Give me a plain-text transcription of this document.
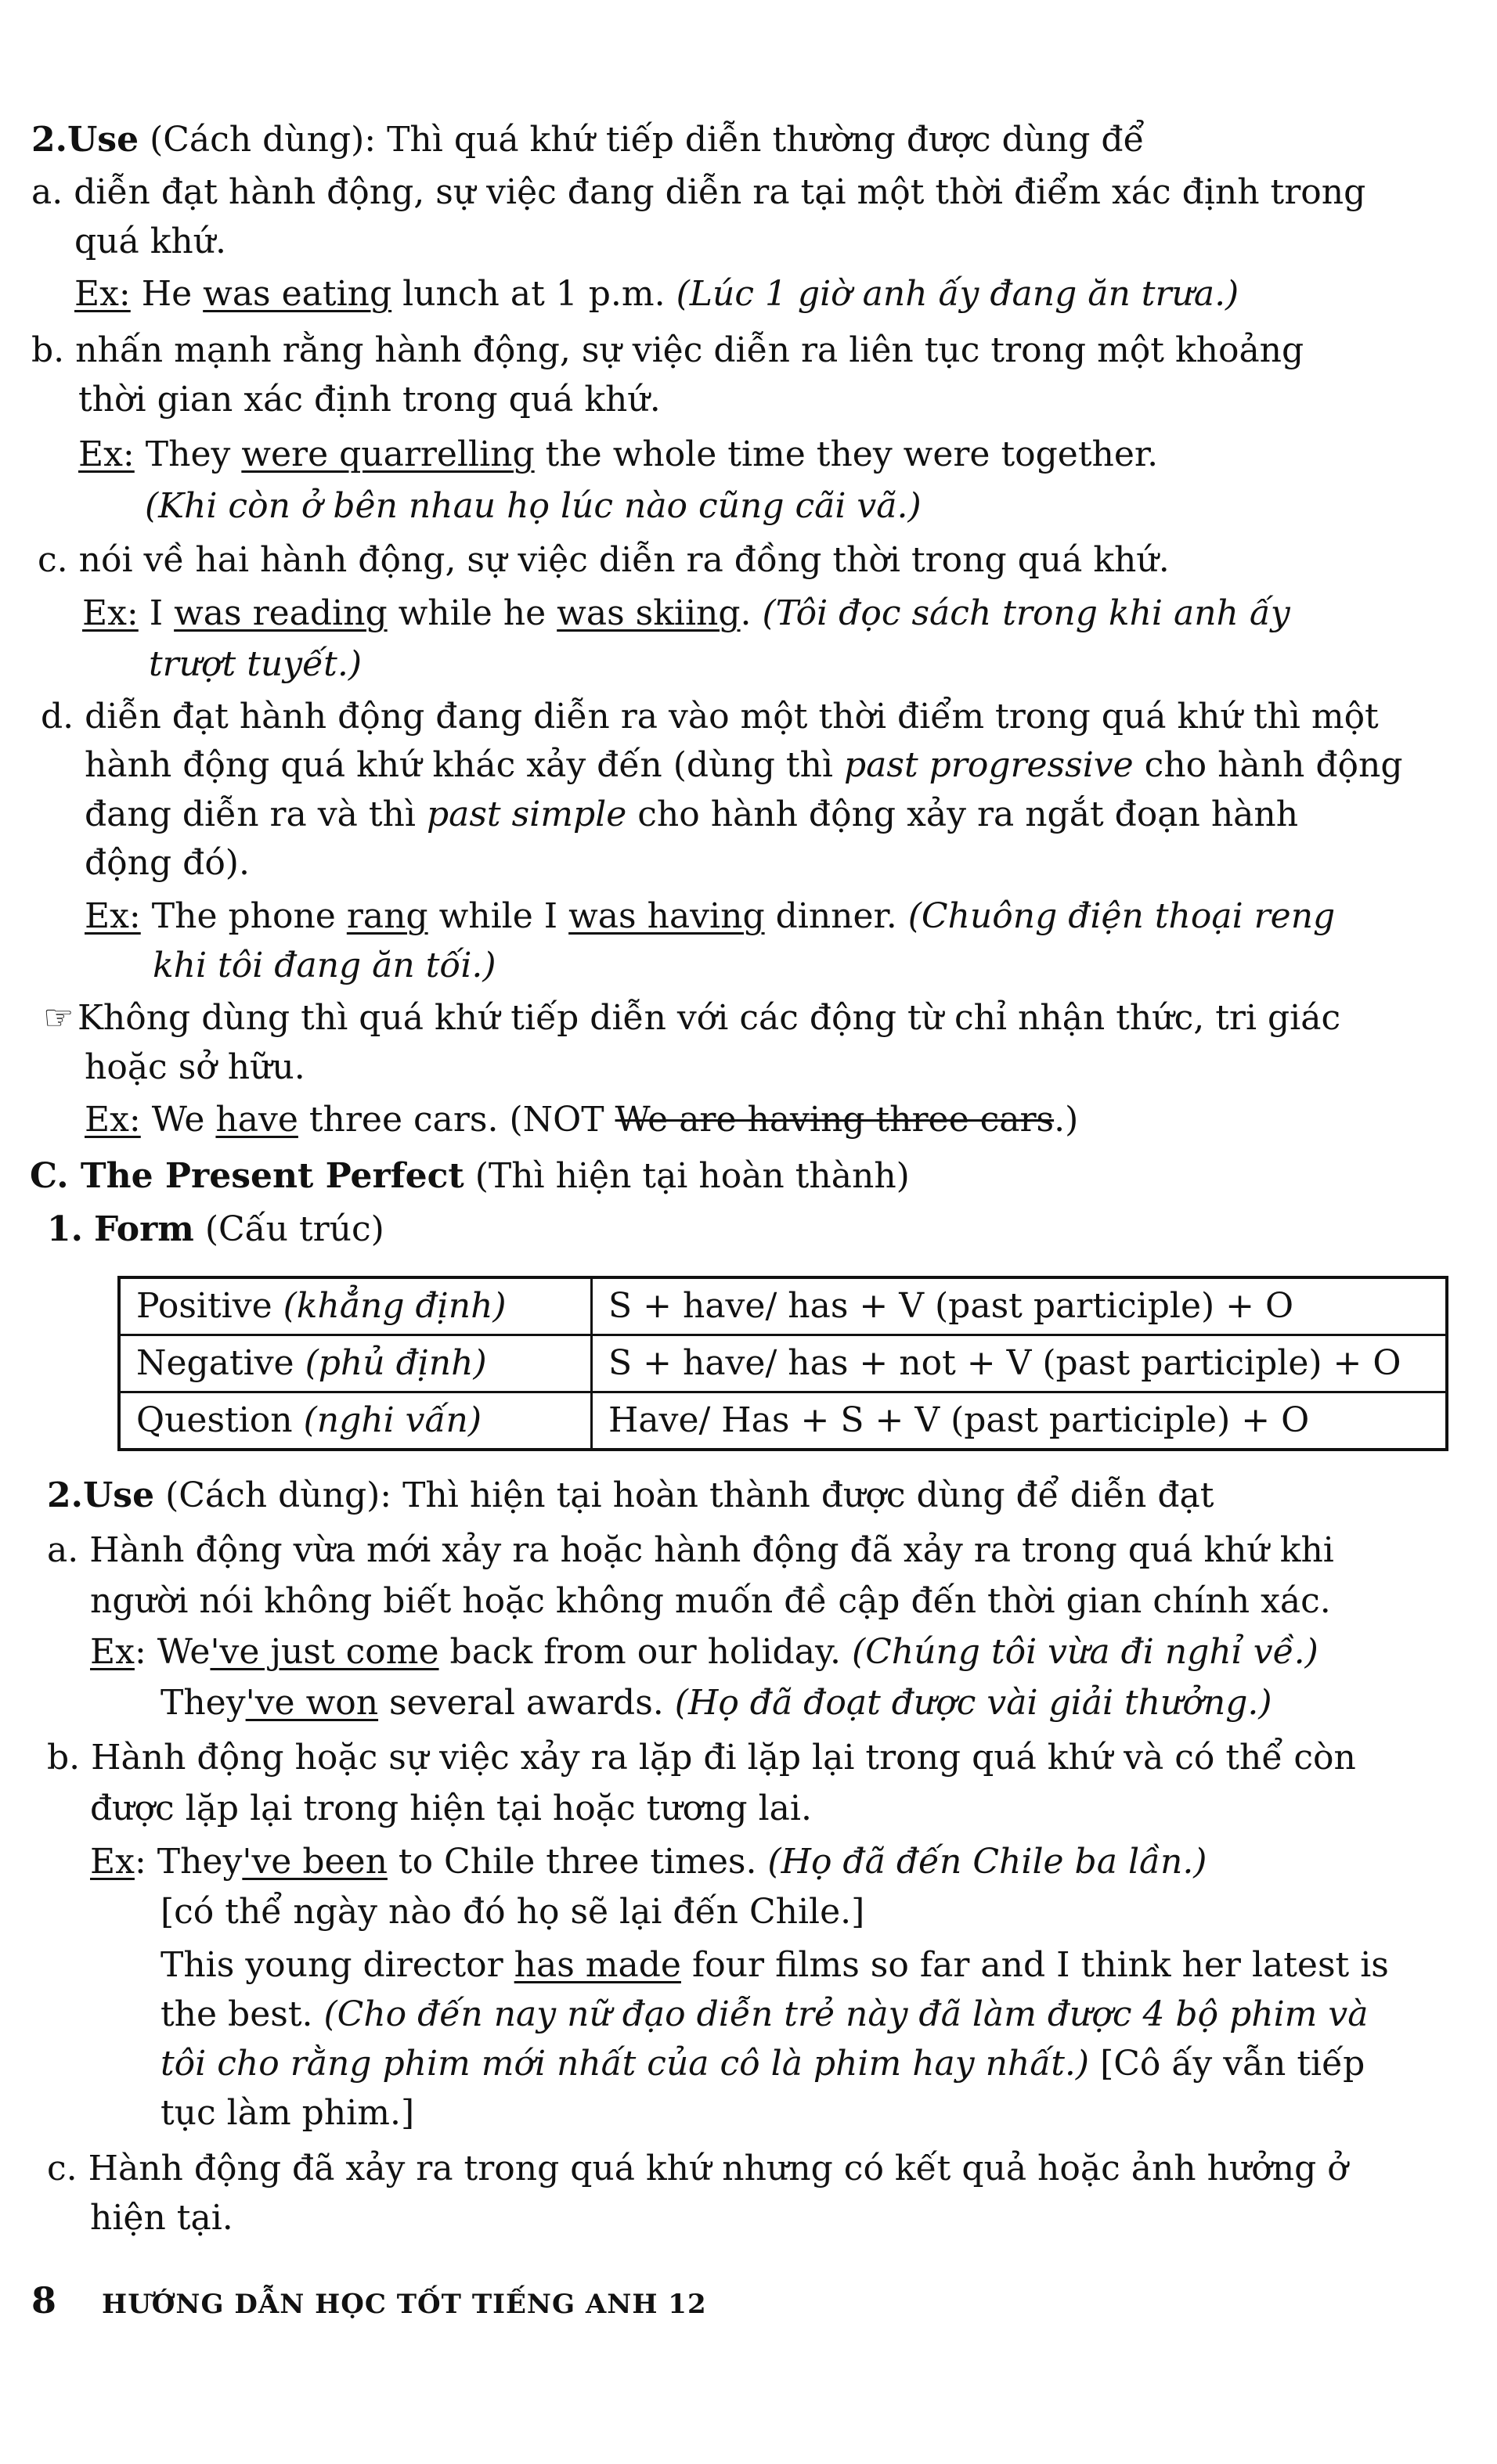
2.Use (Cách dùng): Thì quá khứ tiếp diễn thường được dùng để
a. diễn đạt hành động, sự việc đang diễn ra tại một thời điểm xác định trong
quá khứ.
Ex: He was eating lunch at 1 p.m. (Lúc 1 giờ anh ấy đang ăn trưa.)
b. nhấn mạnh rằng hành động, sự việc diễn ra liên tục trong một khoảng
thời gian xác định trong quá khứ.
Ex: They were quarrelling the whole time they were together.
(Khi còn ở bên nhau họ lúc nào cũng cãi vã.)
c. nói về hai hành động, sự việc diễn ra đồng thời trong quá khứ.
Ex: I was reading while he was skiing. (Tôi đọc sách trong khi anh ấy
trượt tuyết.)
d. diễn đạt hành động đang diễn ra vào một thời điểm trong quá khứ thì một
hành động quá khứ khác xảy đến (dùng thì past progressive cho hành động
đang diễn ra và thì past simple cho hành động xảy ra ngắt đoạn hành
động đó).
Ex: The phone rang while I was having dinner. (Chuông điện thoại reng
khi tôi đang ăn tối.)
☞ Không dùng thì quá khứ tiếp diễn với các động từ chỉ nhận thức, tri giác
hoặc sở hữu.
Ex: We have three cars. (NOT We are having three cars.)
C. The Present Perfect (Thì hiện tại hoàn thành)
1. Form (Cấu trúc)
Positive (khẳng định)	S + have/ has + V (past participle) + O
Negative (phủ định)	S + have/ has + not + V (past participle) + O
Question (nghi vấn)	Have/ Has + S + V (past participle) + O
2.Use (Cách dùng): Thì hiện tại hoàn thành được dùng để diễn đạt
a. Hành động vừa mới xảy ra hoặc hành động đã xảy ra trong quá khứ khi
người nói không biết hoặc không muốn đề cập đến thời gian chính xác.
Ex: We've just come back from our holiday. (Chúng tôi vừa đi nghỉ về.)
They've won several awards. (Họ đã đoạt được vài giải thưởng.)
b. Hành động hoặc sự việc xảy ra lặp đi lặp lại trong quá khứ và có thể còn
được lặp lại trong hiện tại hoặc tương lai.
Ex: They've been to Chile three times. (Họ đã đến Chile ba lần.)
[có thể ngày nào đó họ sẽ lại đến Chile.]
This young director has made four films so far and I think her latest is
the best. (Cho đến nay nữ đạo diễn trẻ này đã làm được 4 bộ phim và
tôi cho rằng phim mới nhất của cô là phim hay nhất.) [Cô ấy vẫn tiếp
tục làm phim.]
c. Hành động đã xảy ra trong quá khứ nhưng có kết quả hoặc ảnh hưởng ở
hiện tại.
8 HƯỚNG DẪN HỌC TỐT TIẾNG ANH 12
